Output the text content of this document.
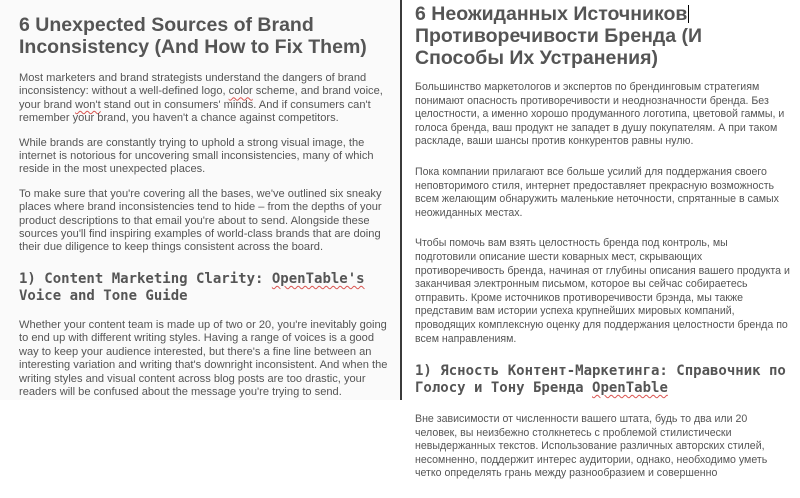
6 Unexpected Sources of Brand Inconsistency (And How to Fix Them)

Most marketers and brand strategists understand the dangers of brand inconsistency: without a well-defined logo, color scheme, and brand voice, your brand won't stand out in consumers' minds. And if consumers can't remember your brand, you haven't a chance against competitors.

While brands are constantly trying to uphold a strong visual image, the internet is notorious for uncovering small inconsistencies, many of which reside in the most unexpected places.

To make sure that you're covering all the bases, we've outlined six sneaky places where brand inconsistencies tend to hide – from the depths of your product descriptions to that email you're about to send. Alongside these sources you'll find inspiring examples of world-class brands that are doing their due diligence to keep things consistent across the board.

1) Content Marketing Clarity: OpenTable's Voice and Tone Guide

Whether your content team is made up of two or 20, you're inevitably going to end up with different writing styles. Having a range of voices is a good way to keep your audience interested, but there's a fine line between an interesting variation and writing that's downright inconsistent. And when the writing styles and visual content across blog posts are too drastic, your readers will be confused about the message you're trying to send.

6 Неожиданных Источников Противоречивости Бренда (И Способы Их Устранения)

Большинство маркетологов и экспертов по брендинговым стратегиям понимают опасность противоречивости и неоднозначности бренда. Без целостности, а именно хорошо продуманного логотипа, цветовой гаммы, и голоса бренда, ваш продукт не западет в душу покупателям. А при таком раскладе, ваши шансы против конкурентов равны нулю.

Пока компании прилагают все больше усилий для поддержания своего неповторимого стиля, интернет предоставляет прекрасную возможность всем желающим обнаружить маленькие неточности, спрятанные в самых неожиданных местах.

Чтобы помочь вам взять целостность бренда под контроль, мы подготовили описание шести коварных мест, скрывающих противоречивость бренда, начиная от глубины описания вашего продукта и заканчивая электронным письмом, которое вы сейчас собираетесь отправить. Кроме источников противоречивости брэнда, мы также представим вам истории успеха крупнейших мировых компаний, проводящих комплексную оценку для поддержания целостности бренда по всем направлениям.

1) Ясность Контент-Маркетинга: Справочник по Голосу и Тону Бренда OpenTable

Вне зависимости от численности вашего штата, будь то два или 20 человек, вы неизбежно столкнетесь с проблемой стилистически невыдержанных текстов. Использование различных авторских стилей, несомненно, поддержит интерес аудитории, однако, необходимо уметь четко определять грань между разнообразием и совершенно
